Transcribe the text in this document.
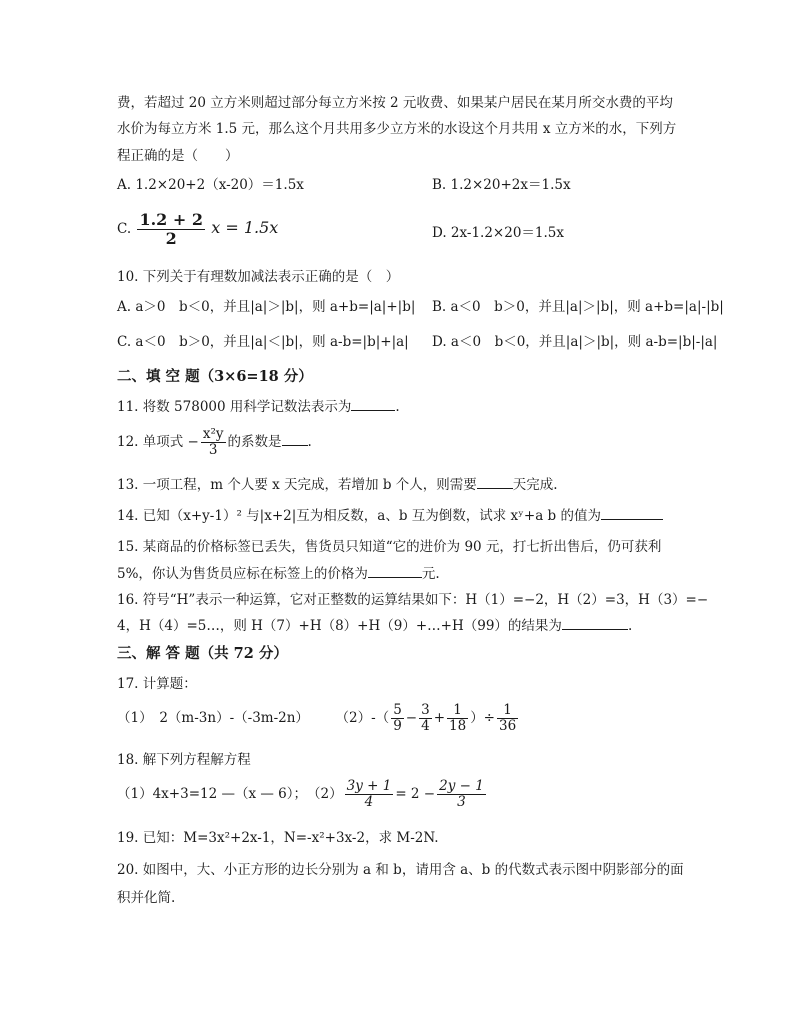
费，若超过 20 立方米则超过部分每立方米按 2 元收费、如果某户居民在某月所交水费的平均
水价为每立方米 1.5 元，那么这个月共用多少立方米的水设这个月共用 x 立方米的水，下列方
程正确的是（　　）
A. 1.2×20+2（x-20）＝1.5x	B. 1.2×20+2x＝1.5x
C. $\frac{1.2 + 2}{2}$ x = 1.5x	D. 2x-1.2×20＝1.5x
10. 下列关于有理数加减法表示正确的是（　）
A. a＞0　b＜0，并且|a|＞|b|，则 a+b=|a|+|b| B. a＜0　b＞0，并且|a|＞|b|，则 a+b=|a|-|b|
C. a＜0　b＞0，并且|a|＜|b|，则 a-b=|b|+|a| D. a＜0　b＜0，并且|a|＞|b|，则 a-b=|b|-|a|
二、填 空 题（3×6=18 分）
11. 将数 578000 用科学记数法表示为	.
12. 单项式 − $\frac{\text{x²y}}{3}$ 的系数是 .
13. 一项工程，m 个人要 x 天完成，若增加 b 个人，则需要	天完成.
14. 已知（x+y-1）² 与|x+2|互为相反数，a、b 互为倒数，试求 xʸ+a b 的值为
15. 某商品的价格标签已丢失，售货员只知道“它的进价为 90 元，打七折出售后，仍可获利
5%，你认为售货员应标在标签上的价格为	元.
16. 符号“H”表示一种运算，它对正整数的运算结果如下：H（1）=−2，H（2）=3，H（3）=−
4，H（4）=5…，则 H（7）+H（8）+H（9）+…+H（99）的结果为	.
三、解 答 题（共 72 分）
17. 计算题：
（1）　2（m-3n）-（-3m-2n） $(2)-( \frac{5}{9} - \frac{3}{4} + \frac{1}{18}$ ）÷ $\frac{1}{36}$
18. 解下列方程解方程
（1）4x+3=12 —（x — 6）；　$(2) \frac{3y + 1}{4} = 2 - \frac{2y - 1}{3}$
19. 已知：M=3x²+2x-1，N=-x²+3x-2，求 M-2N.
20. 如图中，大、小正方形的边长分别为 a 和 b，请用含 a、b 的代数式表示图中阴影部分的面
积并化简.
